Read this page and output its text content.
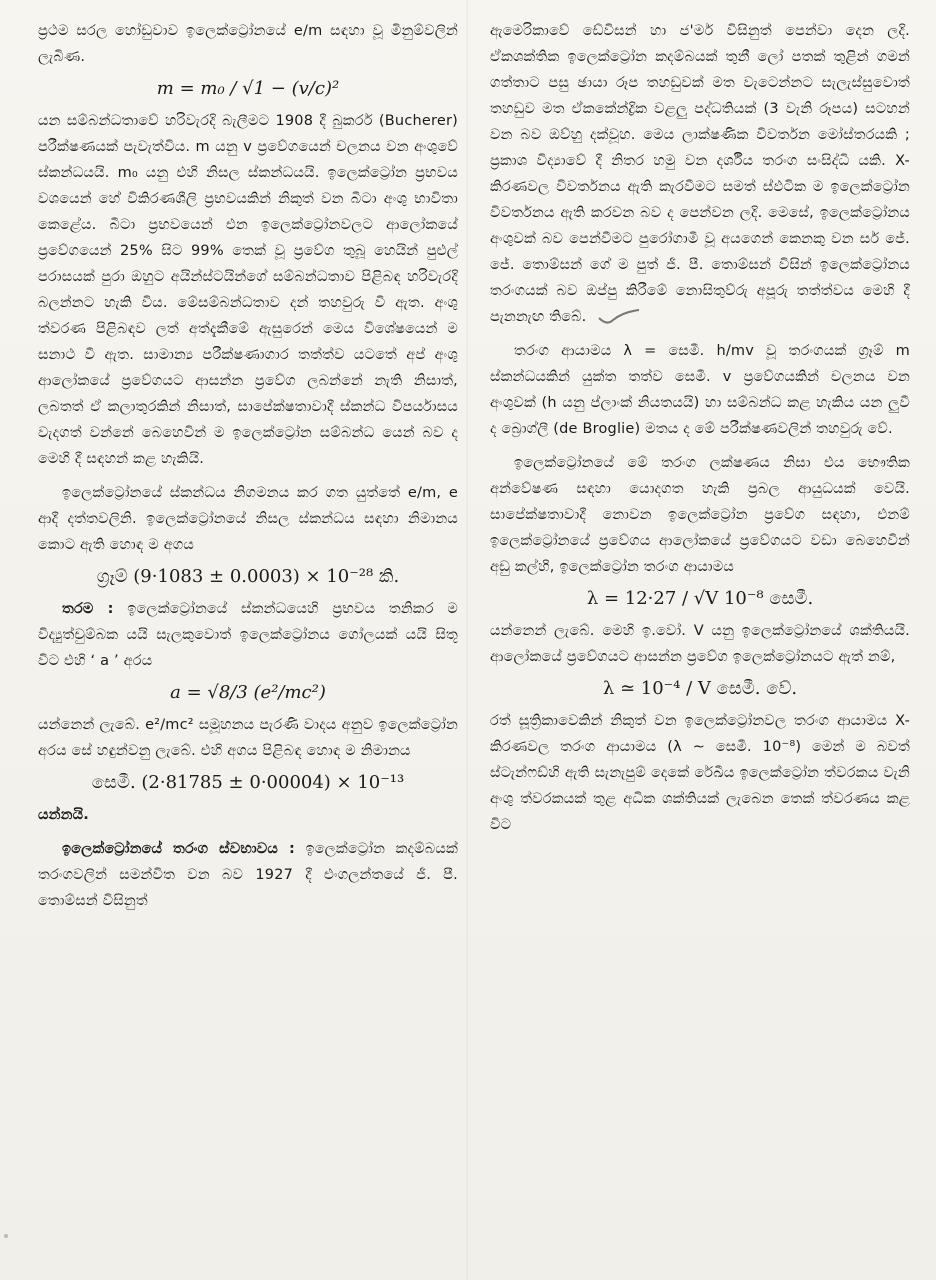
ප්‍රථම සරල හෝඩුවාව ඉලෙක්ට්‍රෝනයේ e/m සඳහා වූ මිනුම්වලින් ලැබිණ.

m = m₀ / √1 − (v/c)²

යන සම්බන්ධතාවේ හරිවැරදි බැලීමට 1908 දී බුකරර් (Bucherer) පරීක්ෂණයක් පැවැත්විය. m යනු v ප්‍රවේගයෙන් චලනය වන අංශුවේ ස්කන්ධයයි. m₀ යනු එහි නිසල ස්කන්ධයයි. ඉලෙක්ට්‍රෝන ප්‍රභවය වශයෙන් හේ විකිරණශීලි ප්‍රභවයකින් නිකුත් වන බීටා අංශු භාවිතා කෙළේය. බීටා ප්‍රභවයෙන් එන ඉලෙක්ට්‍රෝනවලට ආලෝකයේ ප්‍රවේගයෙන් 25% සිට 99% තෙක් වූ ප්‍රවේග තුබූ හෙයින් පුළුල් පරාසයක් පුරා ඔහුට අයින්ස්ටයින්ගේ සම්බන්ධතාව පිළිබඳ හරිවැරදි බලන්නට හැකි විය. මේසම්බන්ධතාව දන් තහවුරු වී ඇත. අංශු ත්වරණ පිළිබඳව ලත් අත්දැකීමේ ඇසුරෙන් මෙය විශේෂයෙන් ම සනාථ වී ඇත. සාමාන්‍ය පරීක්ෂණාගාර තත්ත්ව යටතේ අප් අංශු ආලෝකයේ ප්‍රවේගයට ආසන්න ප්‍රවේග ලබන්නේ නැති නිසාත්, ලබතත් ඒ කලාතුරකින් නිසාත්, සාපේක්ෂතාවාදී ස්කන්ධ විපර්යාසය වැදගත් වන්නේ බෙහෙවින් ම ඉලෙක්ට්‍රෝන සම්බන්ධ යෙන් බව ද මෙහි දී සඳහන් කළ හැකියි.

ඉලෙක්ට්‍රෝනයේ ස්කන්ධය නිගමනය කර ගත යුත්තේ e/m, e ආදී දත්තවලිනි. ඉලෙක්ට්‍රෝනයේ නිසල ස්කන්ධය සඳහා නිමානය කොට ඇති හොඳ ම අගය

ග්‍රෑම් (9·1083 ± 0.0003) × 10⁻²⁸ කි.

තරම : ඉලෙක්ට්‍රෝනයේ ස්කන්ධයෙහි ප්‍රභවය තනිකර ම විද්‍යුත්චුම්බක යයි සැලකුවොත් ඉලෙක්ට්‍රෝනය ගෝලයක් යයි සිතූ විට එහි ‘ a ’ අරය

a = √8/3 (e²/mc²)

යන්නෙන් ලැබේ. e²/mc² සමූහනය පැරණි වාදය අනුව ඉලෙක්ට්‍රෝන අරය සේ හඳුන්වනු ලැබේ. එහි අගය පිළිබඳ හොඳ ම නිමානය

සෙමී. (2·81785 ± 0·00004) × 10⁻¹³

යන්නයි.

ඉලෙක්ට්‍රෝනයේ තරංග ස්වභාවය : ඉලෙක්ට්‍රෝන කදම්බයක් තරංගවලින් සමන්විත වන බව 1927 දී එංගලන්තයේ ජී. පී. තොම්සන් විසිනුත්

ඇමෙරිකාවේ ඩේවිසන් හා ජ'මර් විසිනුත් පෙන්වා දෙන ලදි. ඒකශක්තික ඉලෙක්ට්‍රෝන කදම්බයක් තුනී ලෝ පතක් තුළින් ගමන් ගත්තාට පසු ඡායා රූප තහඩුවක් මත වැටෙන්නට සැලැස්සුවොත් තහඩුව මත ඒකකේන්ද්‍රික වළලු පද්ධතියක් (3 වැනි රූපය) සටහන් වන බව ඔව්හු දක්වූහ. මෙය ලාක්ෂණික විවර්තන මෝස්තරයකි ; ප්‍රකාශ විද්‍යාවේ දී නිතර හමු වන දර්ශීය තරංග සංසිද්ධි යකි. X-කිරණවල විවර්තනය ඇති කැරවීමට සමත් ස්ඵටික ම ඉලෙක්ට්‍රෝන විවර්තනය ඇති කරවන බව ද පෙන්වන ලදි. මෙසේ, ඉලෙක්ට්‍රෝනය අංශුවක් බව පෙන්වීමට පුරෝගාමී වූ අයගෙන් කෙනකු වන සර් ජේ. ජේ. තොම්සන් ගේ ම පුත් ජී. පී. තොම්සන් විසින් ඉලෙක්ට්‍රෝනය තරංගයක් බව ඔප්පු කිරීමේ නොසිතුව්රු අපූරු තත්ත්වය මෙහි දී පැනනැඟ තිබේ.

තරංග ආයාමය λ = සෙමී. h/mv වූ තරංගයක් ග්‍රෑම් m ස්කන්ධයකින් යුක්ත තත්ව සෙමී. v ප්‍රවේගයකින් චලනය වන අංශුවක් (h යනු ප්ලාංක් නියතයයි) හා සම්බන්ධ කළ හැකිය යන ලුවී ද බ්‍රොග්ලී (de Broglie) මතය ද මේ පරීක්ෂණවලින් තහවුරු වේ.

ඉලෙක්ට්‍රෝනයේ මේ තරංග ලක්ෂණය නිසා එය භෞතික අන්වේෂණ සඳහා යොදගත හැකි ප්‍රබල ආයුධයක් වෙයි. සාපේක්ෂතාවාදී නොවන ඉලෙක්ට්‍රෝන ප්‍රවේග සඳහා, එනම් ඉලෙක්ට්‍රෝනයේ ප්‍රවේගය ආලෝකයේ ප්‍රවේගයට වඩා බෙහෙවින් අඩු කල්හි, ඉලෙක්ට්‍රෝන තරංග ආයාමය

λ = 12·27 / √V 10⁻⁸ සෙමී.

යන්නෙන් ලැබේ. මෙහි ඉ.වෝ. V යනු ඉලෙක්ට්‍රෝනයේ ශක්තියයි. ආලෝකයේ ප්‍රවේගයට ආසන්න ප්‍රවේග ඉලෙක්ට්‍රෝනයට ඇත් නම්,

λ ≃ 10⁻⁴ / V සෙමී. වේ.

රත් සූත්‍රිකාවෙකින් නිකුත් වන ඉලෙක්ට්‍රෝනවල තරංග ආයාමය X-කිරණවල තරංග ආයාමය (λ ∼ සෙමී. 10⁻⁸) මෙන් ම බවත් ස්ටැන්ෆඩ්හි ඇති සැනැපුම් දෙකේ රේඛීය ඉලෙක්ට්‍රෝන ත්වරකය වැනි අංශු ත්වරකයක් තුළ අධික ශක්තියක් ලැබෙන තෙක් ත්වරණය කළ විට
